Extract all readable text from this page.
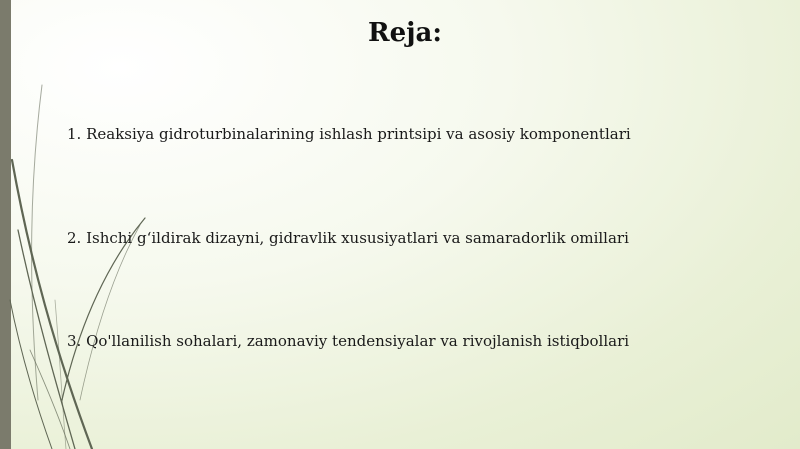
Reja:
1. Reaksiya gidroturbinalarining ishlash printsipi va asosiy komponentlari
2. Ishchi g‘ildirak dizayni, gidravlik xususiyatlari va samaradorlik omillari
3. Qo'llanilish sohalari, zamonaviy tendensiyalar va rivojlanish istiqbollari
